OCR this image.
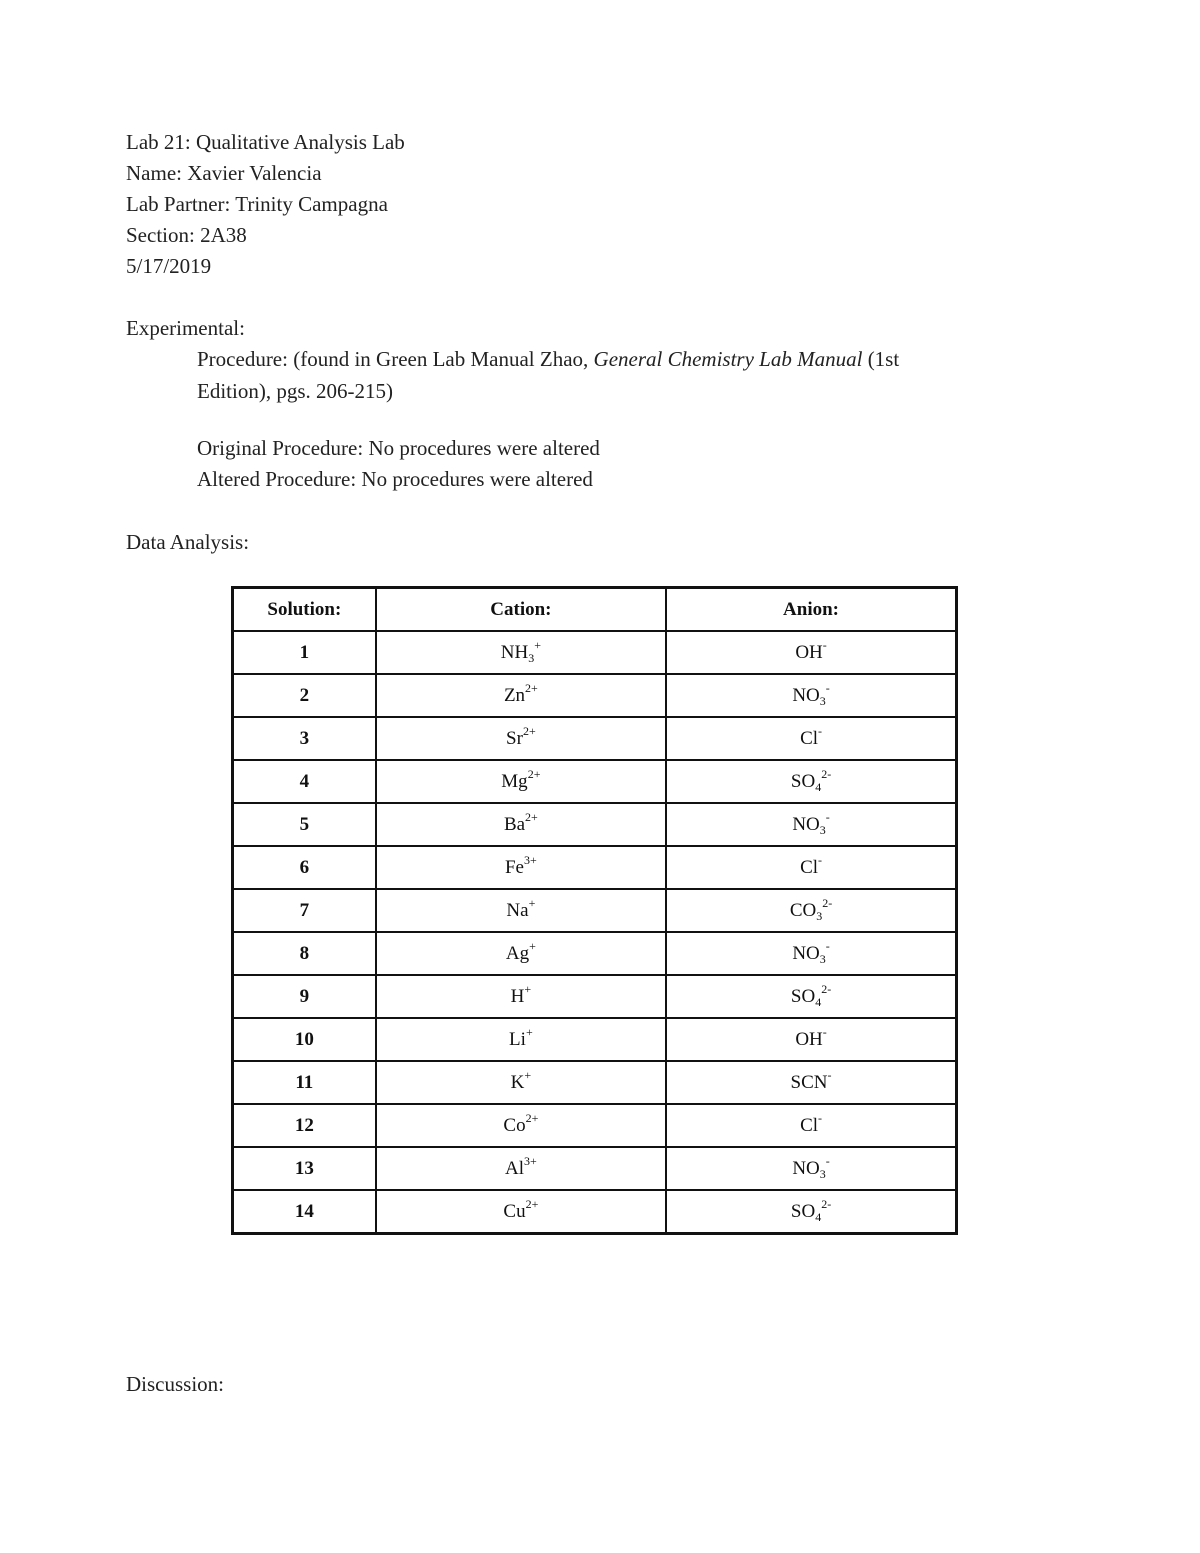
Lab 21: Qualitative Analysis Lab
Name: Xavier Valencia
Lab Partner: Trinity Campagna
Section: 2A38
5/17/2019
Experimental:
Procedure: (found in Green Lab Manual Zhao, General Chemistry Lab Manual (1st
Edition), pgs. 206-215)
Original Procedure: No procedures were altered
Altered Procedure: No procedures were altered
Data Analysis:
Solution:	Cation:	Anion:
1	$NH_3^+$	OH-
2	$Zn^{2+}$	$NO_3^-$
3	$Sr^{2+}$	Cl-
4	$Mg^{2+}$	$SO_4^{2-}$
5	$Ba^{2+}$	$NO_3^-$
6	$Fe^{3+}$	Cl-
7	Na+	$CO_3^{2-}$
8	Ag+	$NO_3^-$
9	H+	$SO_4^{2-}$
10	Li+	OH-
11	K+	SCN-
12	$Co^{2+}$	Cl-
13	$Al^{3+}$	$NO_3^-$
14	$Cu^{2+}$	$SO_4^{2-}$
Discussion:
